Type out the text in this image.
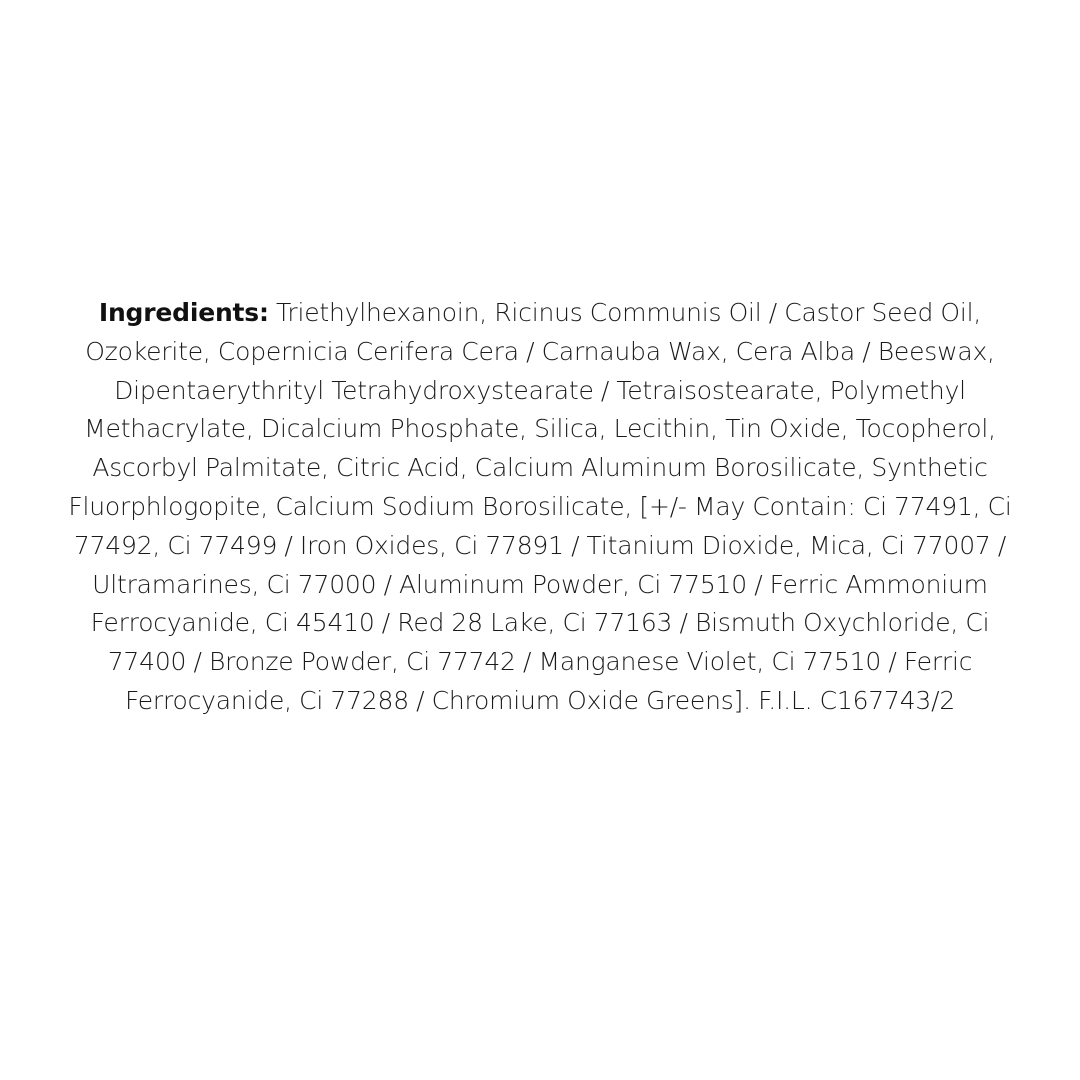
Ingredients: Triethylhexanoin, Ricinus Communis Oil / Castor Seed Oil, Ozokerite, Copernicia Cerifera Cera / Carnauba Wax, Cera Alba / Beeswax, Dipentaerythrityl Tetrahydroxystearate / Tetraisostearate, Polymethyl Methacrylate, Dicalcium Phosphate, Silica, Lecithin, Tin Oxide, Tocopherol, Ascorbyl Palmitate, Citric Acid, Calcium Aluminum Borosilicate, Synthetic Fluorphlogopite, Calcium Sodium Borosilicate, [+/- May Contain: Ci 77491, Ci 77492, Ci 77499 / Iron Oxides, Ci 77891 / Titanium Dioxide, Mica, Ci 77007 / Ultramarines, Ci 77000 / Aluminum Powder, Ci 77510 / Ferric Ammonium Ferrocyanide, Ci 45410 / Red 28 Lake, Ci 77163 / Bismuth Oxychloride, Ci 77400 / Bronze Powder, Ci 77742 / Manganese Violet, Ci 77510 / Ferric Ferrocyanide, Ci 77288 / Chromium Oxide Greens]. F.I.L. C167743/2
